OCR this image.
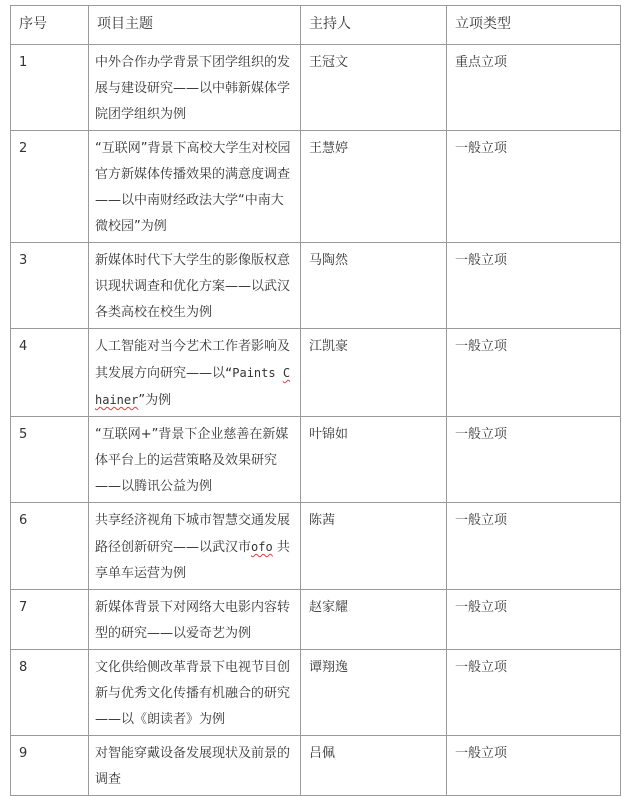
序号	项目主题	主持人	立项类型
1	中外合作办学背景下团学组织的发展与建设研究——以中韩新媒体学院团学组织为例	王冠文	重点立项
2	“互联网”背景下高校大学生对校园官方新媒体传播效果的满意度调查——以中南财经政法大学“中南大微校园”为例	王慧婷	一般立项
3	新媒体时代下大学生的影像版权意识现状调查和优化方案——以武汉各类高校在校生为例	马陶然	一般立项
4	人工智能对当今艺术工作者影响及其发展方向研究——以“Paints Chainer”为例	江凯豪	一般立项
5	“互联网+”背景下企业慈善在新媒体平台上的运营策略及效果研究——以腾讯公益为例	叶锦如	一般立项
6	共享经济视角下城市智慧交通发展路径创新研究——以武汉市ofo 共享单车运营为例	陈茜	一般立项
7	新媒体背景下对网络大电影内容转型的研究——以爱奇艺为例	赵家耀	一般立项
8	文化供给侧改革背景下电视节目创新与优秀文化传播有机融合的研究——以《朗读者》为例	谭翔逸	一般立项
9	对智能穿戴设备发展现状及前景的调查	吕佩	一般立项
